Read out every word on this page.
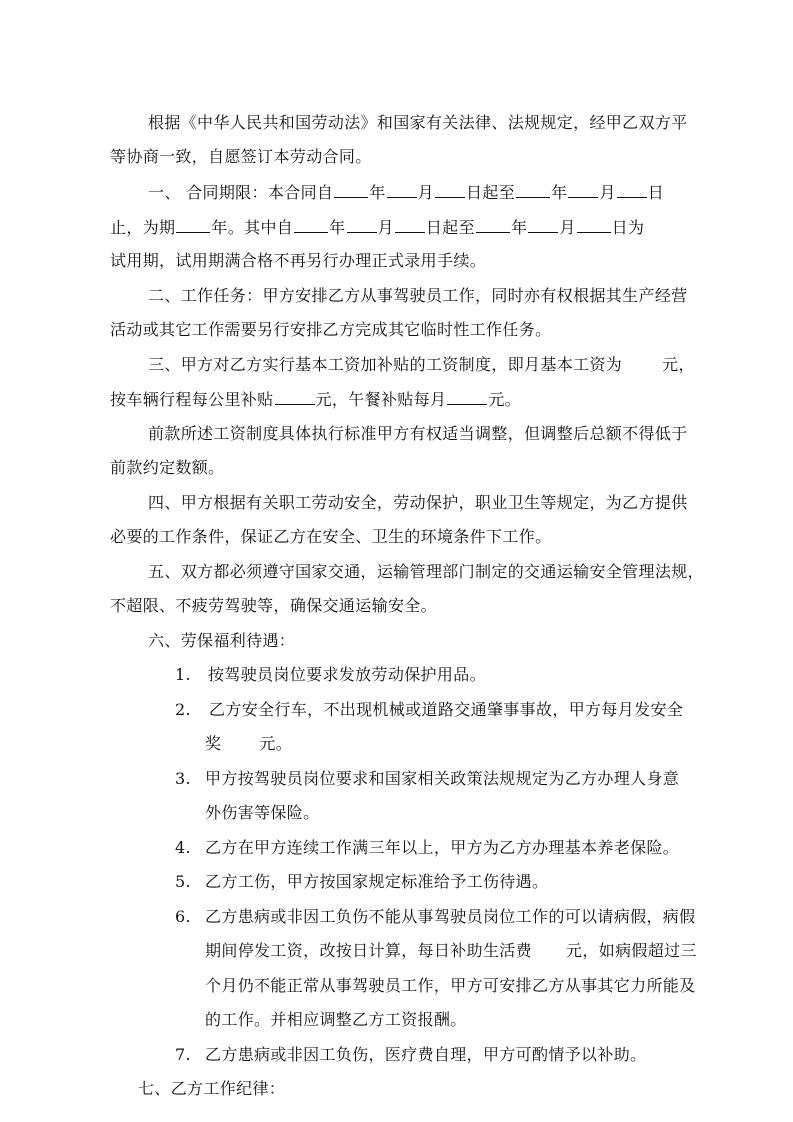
根据《中华人民共和国劳动法》和国家有关法律、法规规定，经甲乙双方平
等协商一致，自愿签订本劳动合同。
一、 合同期限：本合同自 年 月 日起至 年 月 日
止，为期 年。其中自 年 月 日起至 年 月 日为
试用期，试用期满合格不再另行办理正式录用手续。
二、工作任务：甲方安排乙方从事驾驶员工作，同时亦有权根据其生产经营
活动或其它工作需要另行安排乙方完成其它临时性工作任务。
三、甲方对乙方实行基本工资加补贴的工资制度，即月基本工资为	元，
按车辆行程每公里补贴	元，午餐补贴每月	元。
前款所述工资制度具体执行标准甲方有权适当调整，但调整后总额不得低于
前款约定数额。
四、甲方根据有关职工劳动安全，劳动保护，职业卫生等规定，为乙方提供
必要的工作条件，保证乙方在安全、卫生的环境条件下工作。
五、双方都必须遵守国家交通，运输管理部门制定的交通运输安全管理法规，
不超限、不疲劳驾驶等，确保交通运输安全。
六、劳保福利待遇：
1. 按驾驶员岗位要求发放劳动保护用品。
2. 乙方安全行车，不出现机械或道路交通肇事事故，甲方每月发安全
奖 元。
3. 甲方按驾驶员岗位要求和国家相关政策法规规定为乙方办理人身意
外伤害等保险。
4. 乙方在甲方连续工作满三年以上，甲方为乙方办理基本养老保险。
5. 乙方工伤，甲方按国家规定标准给予工伤待遇。
6. 乙方患病或非因工负伤不能从事驾驶员岗位工作的可以请病假，病假
期间停发工资，改按日计算，每日补助生活费 元，如病假超过三
个月仍不能正常从事驾驶员工作，甲方可安排乙方从事其它力所能及
的工作。并相应调整乙方工资报酬。
7. 乙方患病或非因工负伤，医疗费自理，甲方可酌情予以补助。
七、乙方工作纪律：
